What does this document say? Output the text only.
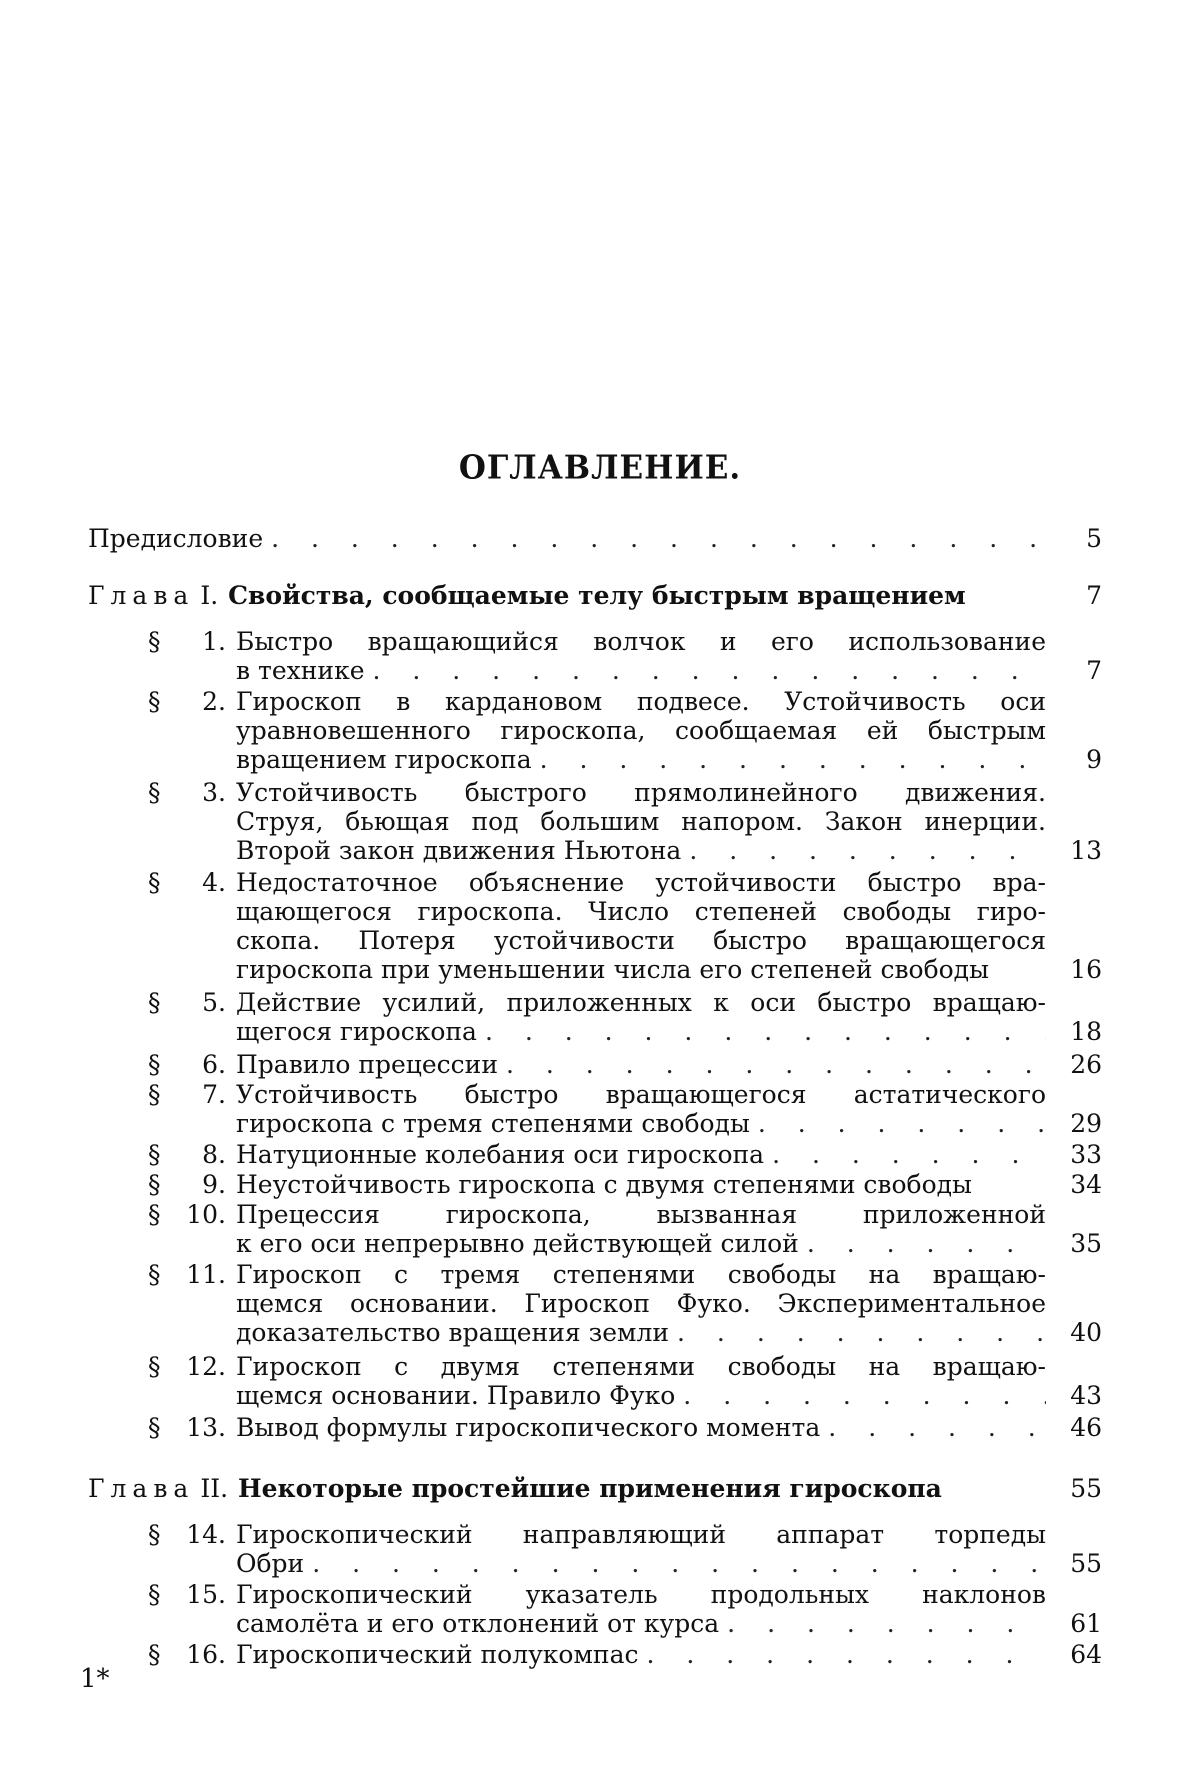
ОГЛАВЛЕНИЕ.
Предисловие . . .	5
Глава I. Свойства, сообщаемые телу быстрым вращением	7
§	1. Быстро вращающийся волчок и его использование
в технике . . .	7
§	2. Гироскоп в кардановом подвесе. Устойчивость оси
уравновешенного гироскопа, сообщаемая ей быстрым
вращением гироскопа . . .	9
§	3. Устойчивость быстрого прямолинейного движения.
Струя, бьющая под большим напором. Закон инерции.
Второй закон движения Ньютона . . .	13
§	4. Недостаточное объяснение устойчивости быстро вра-
щающегося гироскопа. Число степеней свободы гиро-
скопа. Потеря устойчивости быстро вращающегося
гироскопа при уменьшении числа его степеней свободы	16
§	5. Действие усилий, приложенных к оси быстро вращаю-
щегося гироскопа . . .	18
§	6. Правило прецессии . . .	26
§	7. Устойчивость быстро вращающегося астатического
гироскопа с тремя степенями свободы . . .	29
§	8. Натуционные колебания оси гироскопа . . .	33
§	9. Неустойчивость гироскопа с двумя степенями свободы	34
§	10. Прецессия гироскопа, вызванная приложенной
к его оси непрерывно действующей силой . . .	35
§	11. Гироскоп с тремя степенями свободы на вращаю-
щемся основании. Гироскоп Фуко. Экспериментальное
доказательство вращения земли . . .	40
§	12. Гироскоп с двумя степенями свободы на вращаю-
щемся основании. Правило Фуко . . .	43
§	13. Вывод формулы гироскопического момента . . .	46
Глава II. Некоторые простейшие применения гироскопа	55
§	14. Гироскопический направляющий аппарат торпеды
Обри . . .	55
§	15. Гироскопический указатель продольных наклонов
самолёта и его отклонений от курса . . .	61
§	16. Гироскопический полукомпас . . .	64
1*
